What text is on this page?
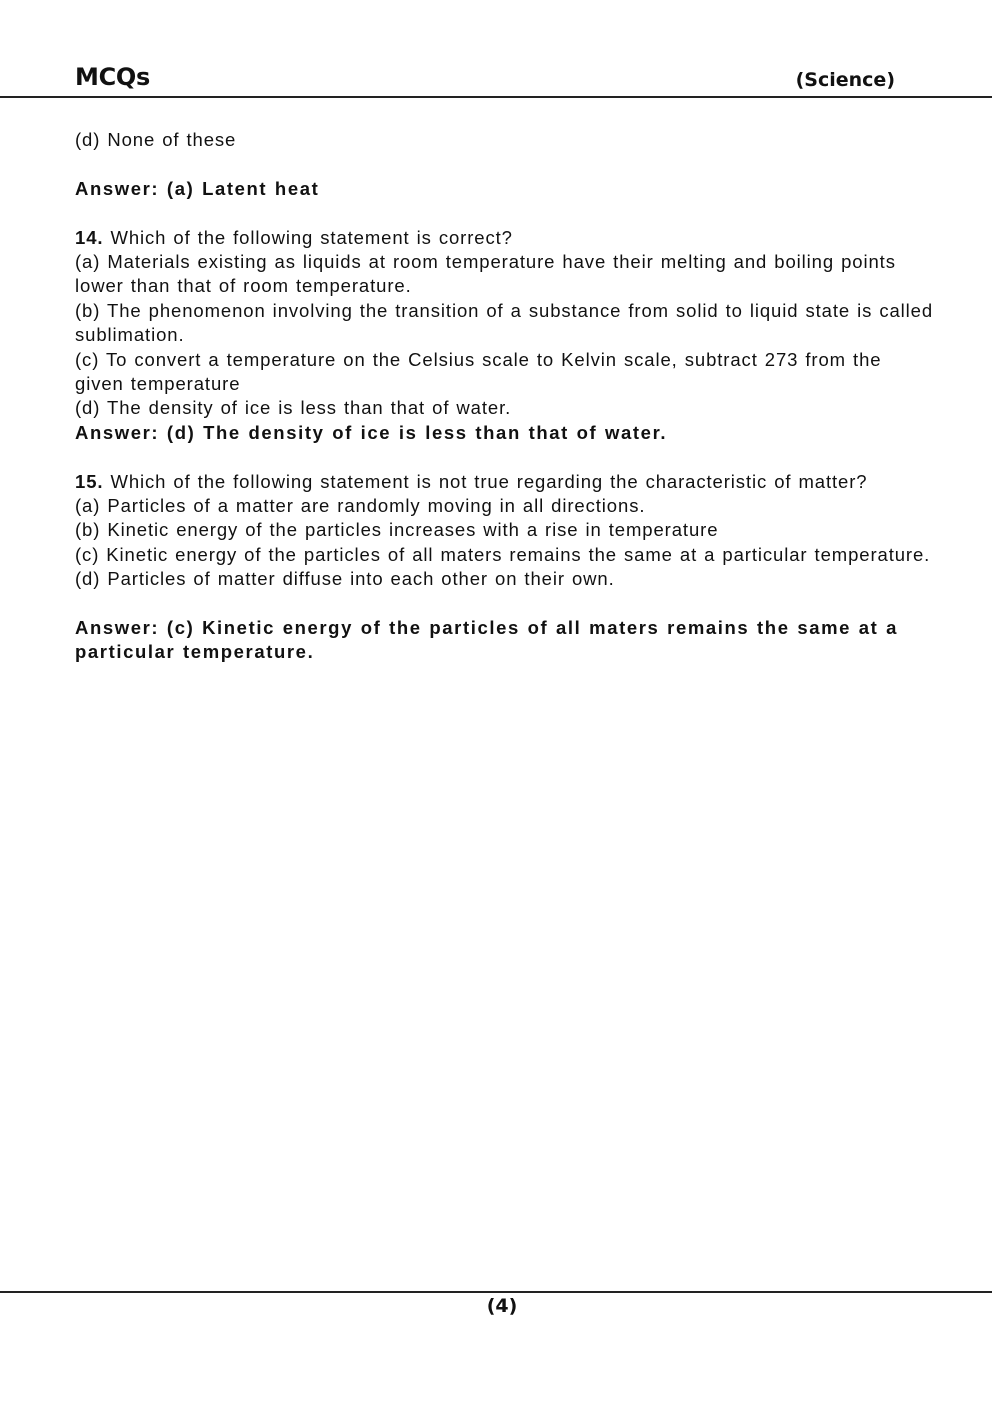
MCQs	(Science)

(d) None of these

Answer: (a) Latent heat

14. Which of the following statement is correct?

(a) Materials existing as liquids at room temperature have their melting and boiling points lower than that of room temperature.

(b) The phenomenon involving the transition of a substance from solid to liquid state is called sublimation.

(c) To convert a temperature on the Celsius scale to Kelvin scale, subtract 273 from the given temperature

(d) The density of ice is less than that of water.

Answer: (d) The density of ice is less than that of water.

15. Which of the following statement is not true regarding the characteristic of matter?

(a) Particles of a matter are randomly moving in all directions.

(b) Kinetic energy of the particles increases with a rise in temperature

(c) Kinetic energy of the particles of all maters remains the same at a particular temperature.

(d) Particles of matter diffuse into each other on their own.

Answer: (c) Kinetic energy of the particles of all maters remains the same at a particular temperature.

(4)
